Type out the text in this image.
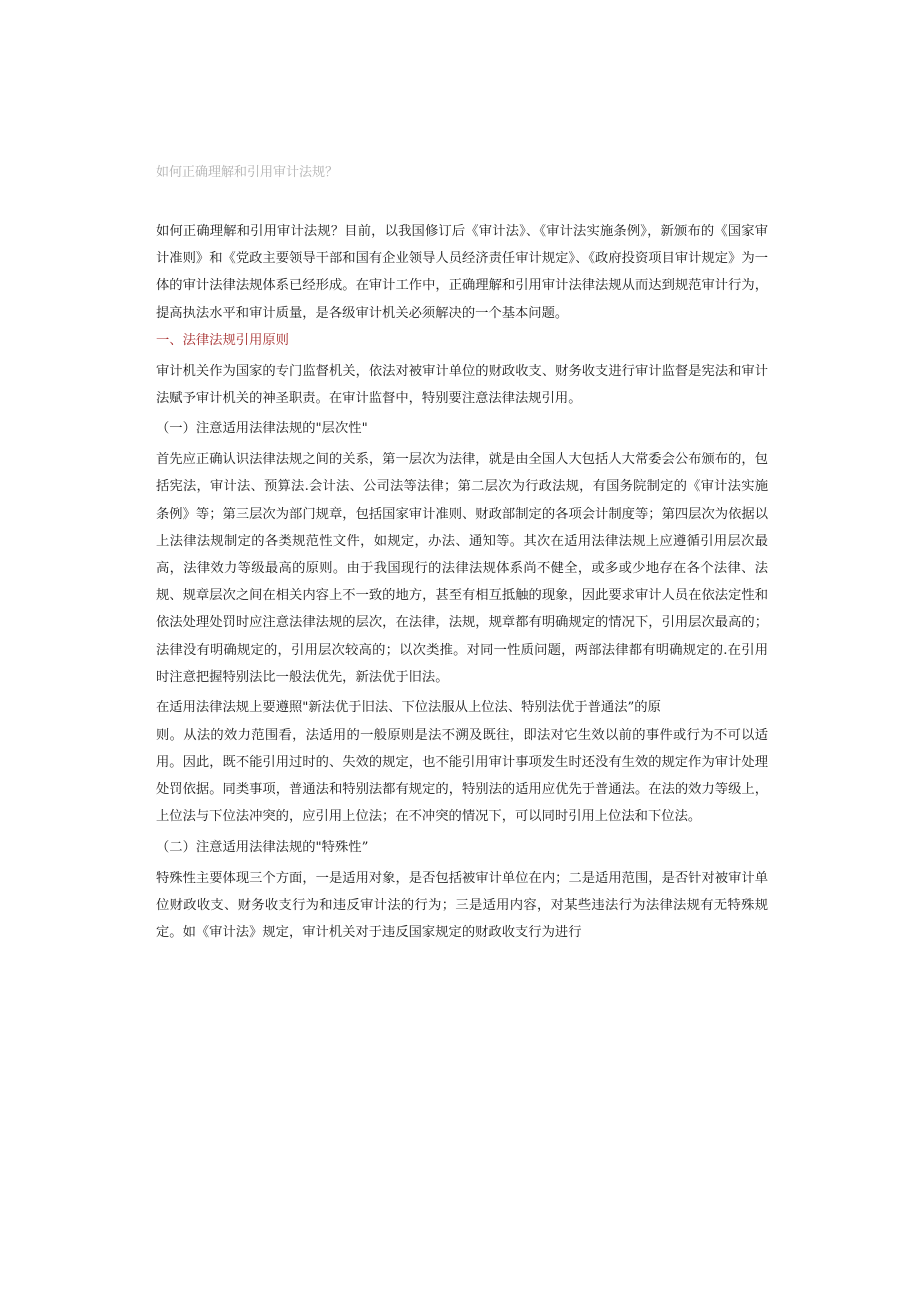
如何正确理解和引用审计法规？

如何正确理解和引用审计法规？目前，以我国修订后《审计法》、《审计法实施条例》，新颁布的《国家审计准则》和《党政主要领导干部和国有企业领导人员经济责任审计规定》、《政府投资项目审计规定》为一体的审计法律法规体系已经形成。在审计工作中，正确理解和引用审计法律法规从而达到规范审计行为，提高执法水平和审计质量，是各级审计机关必须解决的一个基本问题。

一、法律法规引用原则

审计机关作为国家的专门监督机关，依法对被审计单位的财政收支、财务收支进行审计监督是宪法和审计法赋予审计机关的神圣职责。在审计监督中，特别要注意法律法规引用。

（一）注意适用法律法规的"层次性"

首先应正确认识法律法规之间的关系，第一层次为法律，就是由全国人大包括人大常委会公布颁布的，包括宪法，审计法、预算法.会计法、公司法等法律；第二层次为行政法规，有国务院制定的《审计法实施条例》等；第三层次为部门规章，包括国家审计准则、财政部制定的各项会计制度等；第四层次为依据以上法律法规制定的各类规范性文件，如规定，办法、通知等。其次在适用法律法规上应遵循引用层次最高，法律效力等级最高的原则。由于我国现行的法律法规体系尚不健全，或多或少地存在各个法律、法规、规章层次之间在相关内容上不一致的地方，甚至有相互抵触的现象，因此要求审计人员在依法定性和依法处理处罚时应注意法律法规的层次，在法律，法规，规章都有明确规定的情况下，引用层次最高的；法律没有明确规定的，引用层次较高的；以次类推。对同一性质问题，两部法律都有明确规定的.在引用时注意把握特别法比一般法优先，新法优于旧法。

在适用法律法规上要遵照"新法优于旧法、下位法服从上位法、特别法优于普通法”的原

则。从法的效力范围看，法适用的一般原则是法不溯及既往，即法对它生效以前的事件或行为不可以适用。因此，既不能引用过时的、失效的规定，也不能引用审计事项发生时还没有生效的规定作为审计处理处罚依据。同类事项，普通法和特别法都有规定的，特别法的适用应优先于普通法。在法的效力等级上，上位法与下位法冲突的，应引用上位法；在不冲突的情况下，可以同时引用上位法和下位法。

（二）注意适用法律法规的"特殊性”

特殊性主要体现三个方面，一是适用对象，是否包括被审计单位在内；二是适用范围，是否针对被审计单位财政收支、财务收支行为和违反审计法的行为；三是适用内容，对某些违法行为法律法规有无特殊规定。如《审计法》规定，审计机关对于违反国家规定的财政收支行为进行
